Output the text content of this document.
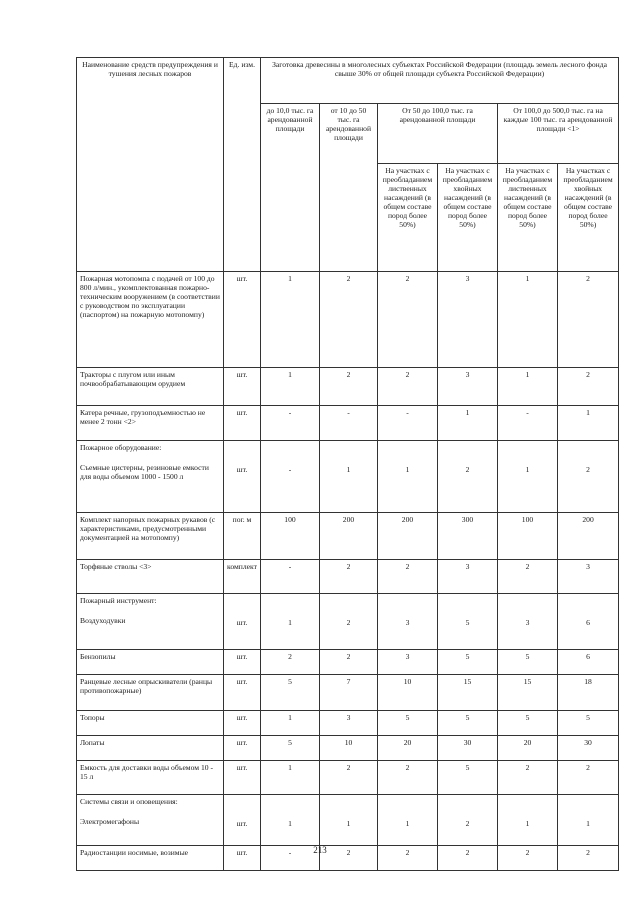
Наименование средств предупреждения и тушения лесных пожаров	Ед. изм.	Заготовка древесины в многолесных субъектах Российской Федерации (площадь земель лесного фонда свыше 30% от общей площади субъекта Российской Федерации)					
		до 10,0 тыс. га арендованной площади	от 10 до 50 тыс. га арендованной площади	От 50 до 100,0 тыс. га арендованной площади		От 100,0 до 500,0 тыс. га на каждые 100 тыс. га арендованной площади <1>	
				На участках с преобладанием лиственных насаждений (в общем составе пород более 50%)	На участках с преобладанием хвойных насаждений (в общем составе пород более 50%)	На участках с преобладанием лиственных насаждений (в общем составе пород более 50%)	На участках с преобладанием хвойных насаждений (в общем составе пород более 50%)

Пожарная мотопомпа с подачей от 100 до 800 л/мин., укомплектованная пожарно-техническим вооружением (в соответствии с руководством по эксплуатации (паспортом) на пожарную мотопомпу)	шт.	1	2	2	3	1	2

Тракторы с плугом или иным почвообрабатывающим орудием	шт.	1	2	2	3	1	2

Катера речные, грузоподъемностью не менее 2 тонн <2>	шт.	-	-	-	1	-	1

Пожарное оборудование:
Съемные цистерны, резиновые емкости для воды объемом 1000 - 1500 л	шт.	-	1	1	2	1	2

Комплект напорных пожарных рукавов (с характеристиками, предусмотренными документацией на мотопомпу)	пог. м	100	200	200	300	100	200

Торфяные стволы <3>	комплект	-	2	2	3	2	3

Пожарный инструмент:
Воздуходувки	шт.	1	2	3	5	3	6

Бензопилы	шт.	2	2	3	5	5	6

Ранцевые лесные опрыскиватели (ранцы противопожарные)	шт.	5	7	10	15	15	18

Топоры	шт.	1	3	5	5	5	5

Лопаты	шт.	5	10	20	30	20	30

Емкость для доставки воды объемом 10 - 15 л	шт.	1	2	2	5	2	2

Системы связи и оповещения:
Электромегафоны	шт.	1	1	1	2	1	1

Радиостанции носимые, возимые	шт.	-	2	2	2	2	2
213
